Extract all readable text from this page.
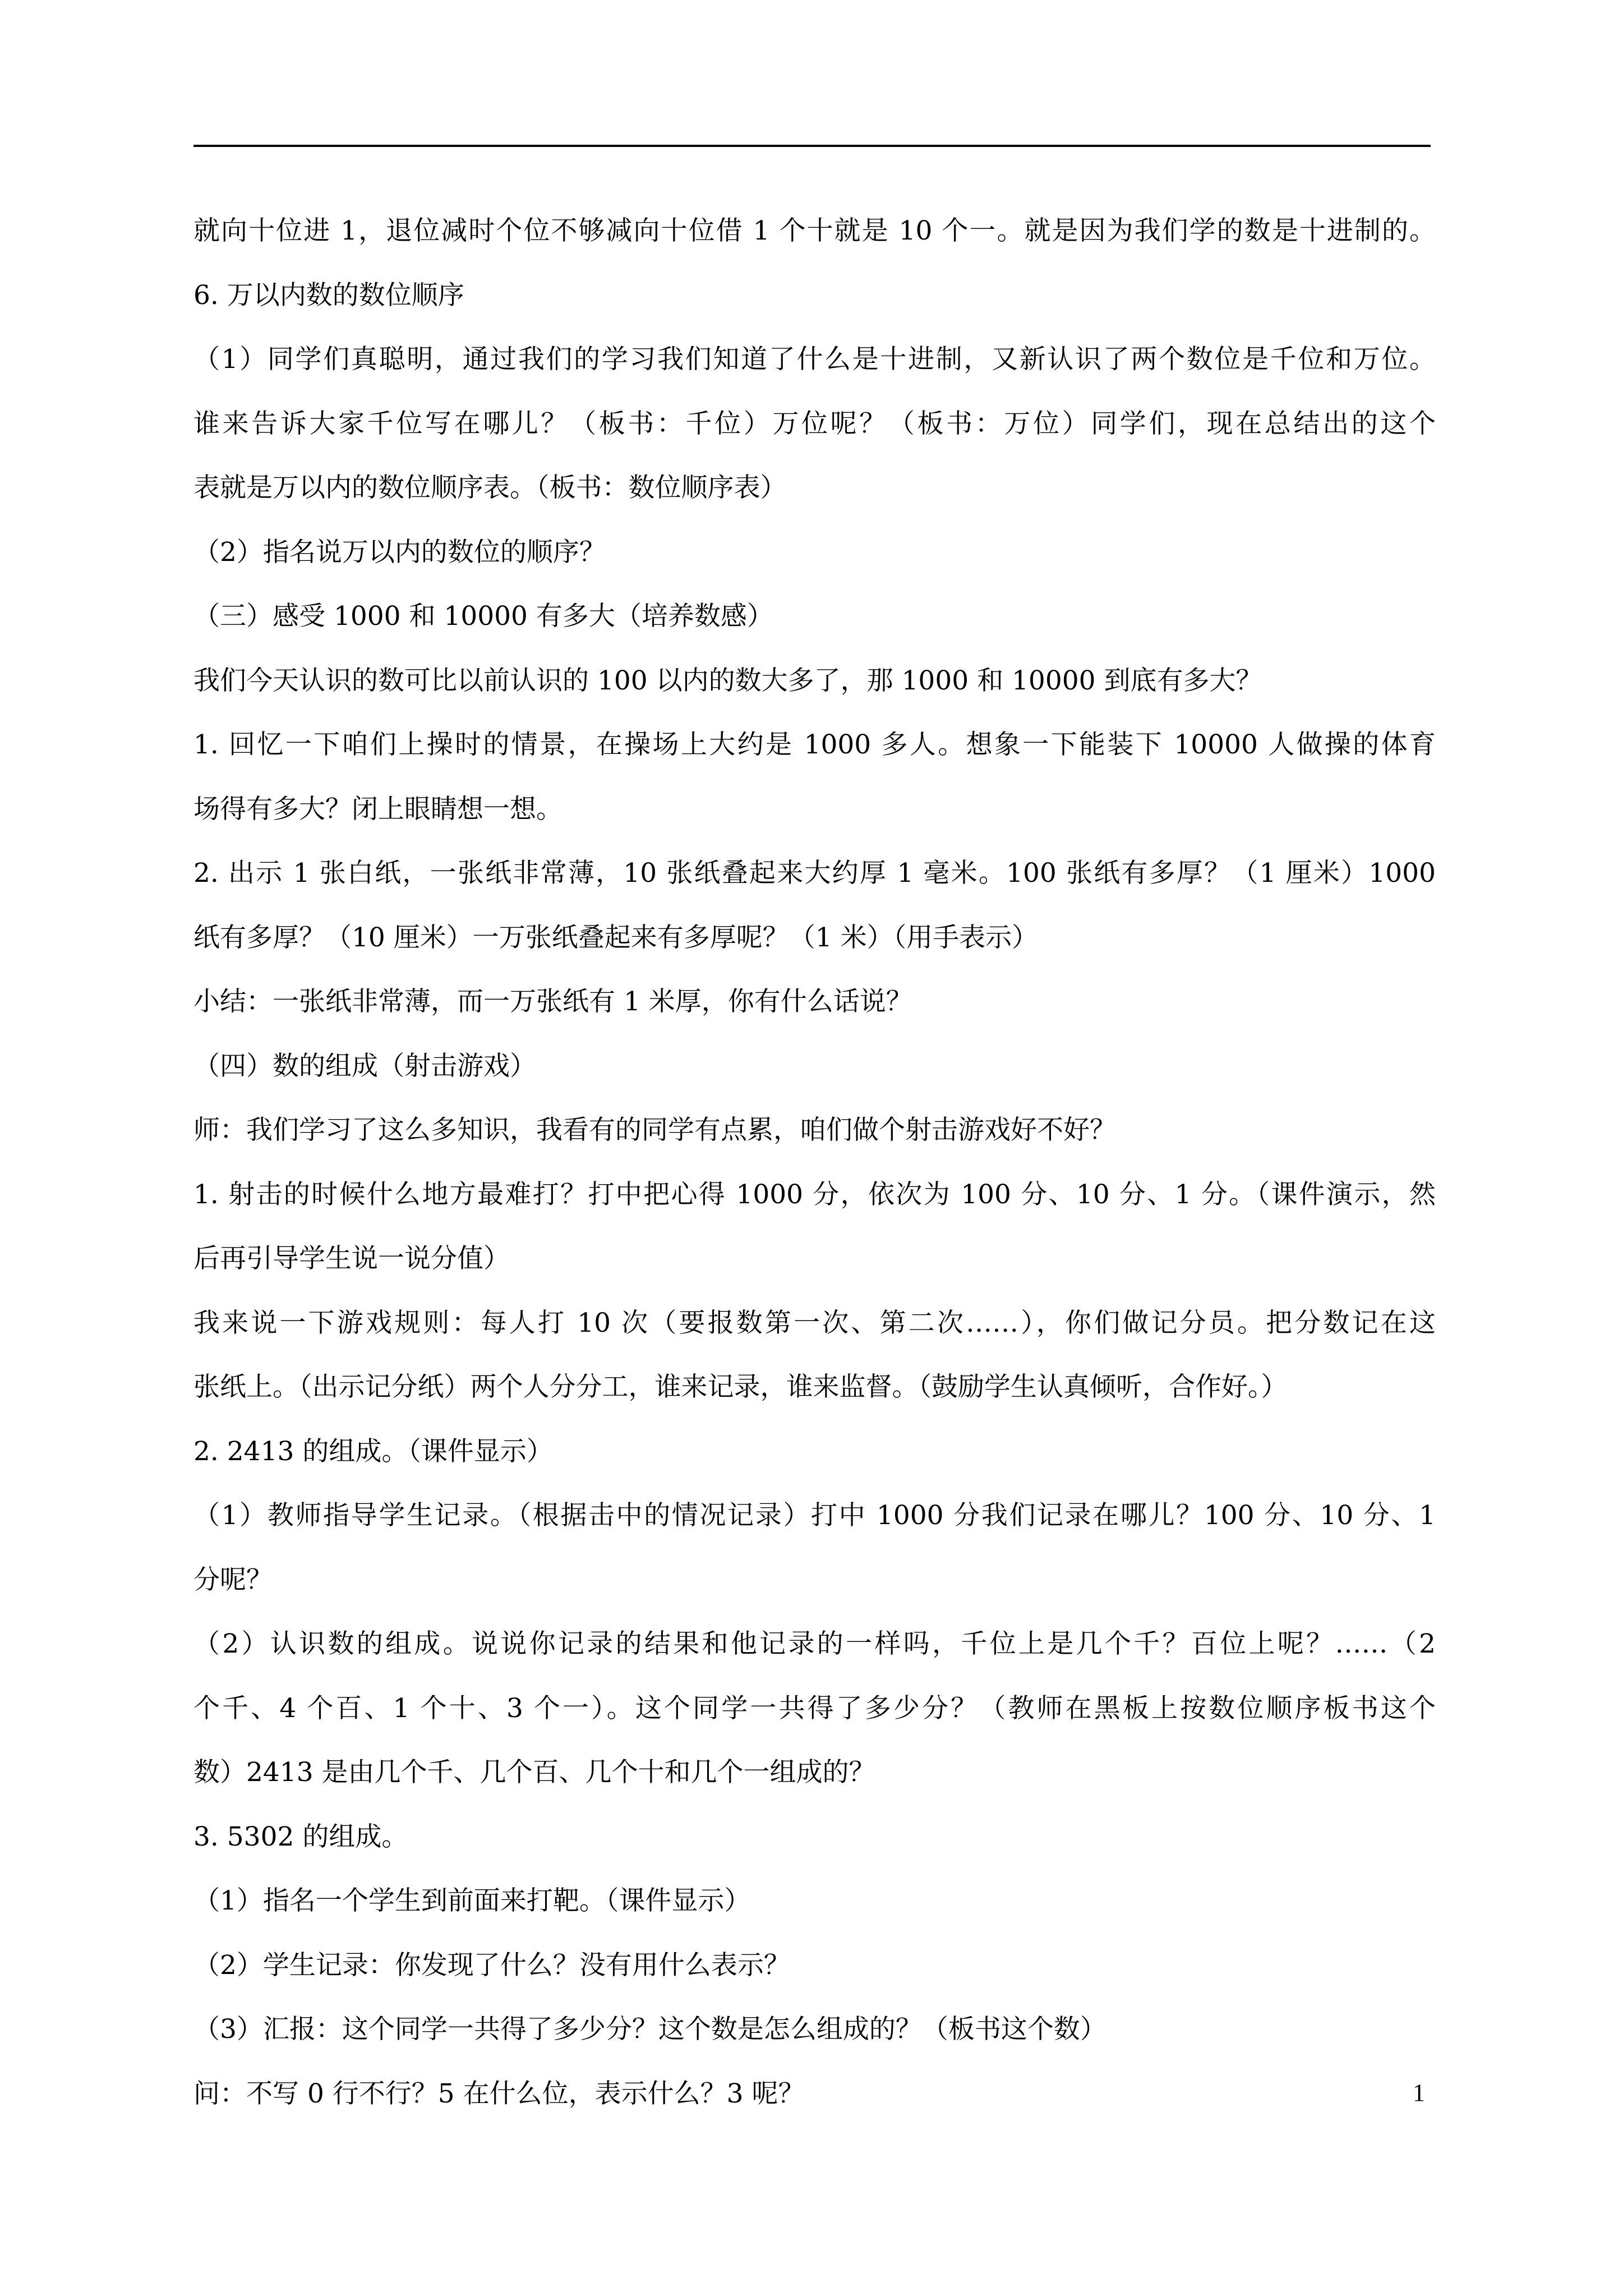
就向十位进 1，退位减时个位不够减向十位借 1 个十就是 10 个一。就是因为我们学的数是十进制的。
6. 万以内数的数位顺序
（1）同学们真聪明，通过我们的学习我们知道了什么是十进制，又新认识了两个数位是千位和万位。
谁来告诉大家千位写在哪儿？（板书：千位）万位呢？（板书：万位）同学们，现在总结出的这个
表就是万以内的数位顺序表。（板书：数位顺序表）
（2）指名说万以内的数位的顺序？
（三）感受 1000 和 10000 有多大（培养数感）
我们今天认识的数可比以前认识的 100 以内的数大多了，那 1000 和 10000 到底有多大？
1. 回忆一下咱们上操时的情景，在操场上大约是 1000 多人。想象一下能装下 10000 人做操的体育
场得有多大？闭上眼睛想一想。
2. 出示 1 张白纸，一张纸非常薄，10 张纸叠起来大约厚 1 毫米。100 张纸有多厚？（1 厘米）1000
纸有多厚？（10 厘米）一万张纸叠起来有多厚呢？（1 米）（用手表示）
小结：一张纸非常薄，而一万张纸有 1 米厚，你有什么话说？
（四）数的组成（射击游戏）
师：我们学习了这么多知识，我看有的同学有点累，咱们做个射击游戏好不好？
1. 射击的时候什么地方最难打？打中把心得 1000 分，依次为 100 分、10 分、1 分。（课件演示，然
后再引导学生说一说分值）
我来说一下游戏规则：每人打 10 次（要报数第一次、第二次……），你们做记分员。把分数记在这
张纸上。（出示记分纸）两个人分分工，谁来记录，谁来监督。（鼓励学生认真倾听，合作好。）
2. 2413 的组成。（课件显示）
（1）教师指导学生记录。（根据击中的情况记录）打中 1000 分我们记录在哪儿？100 分、10 分、1
分呢？
（2）认识数的组成。说说你记录的结果和他记录的一样吗，千位上是几个千？百位上呢？……（2
个千、4 个百、1 个十、3 个一）。这个同学一共得了多少分？（教师在黑板上按数位顺序板书这个
数）2413 是由几个千、几个百、几个十和几个一组成的？
3. 5302 的组成。
（1）指名一个学生到前面来打靶。（课件显示）
（2）学生记录：你发现了什么？没有用什么表示？
（3）汇报：这个同学一共得了多少分？这个数是怎么组成的？（板书这个数）
问：不写 0 行不行？5 在什么位，表示什么？3 呢？	1
